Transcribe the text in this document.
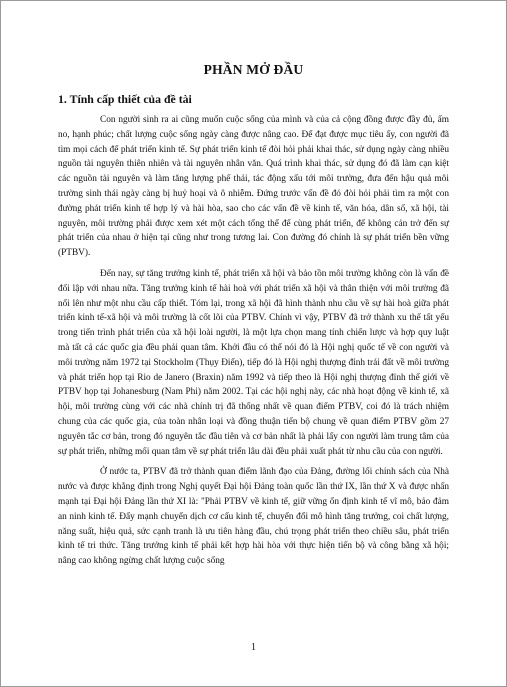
PHẦN MỞ ĐẦU
1. Tính cấp thiết của đề tài

Con người sinh ra ai cũng muốn cuộc sống của mình và của cả cộng đồng được đầy đủ, ấm no, hạnh phúc; chất lượng cuộc sống ngày càng được nâng cao. Để đạt được mục tiêu ấy, con người đã tìm mọi cách để phát triển kinh tế. Sự phát triển kinh tế đòi hỏi phải khai thác, sử dụng ngày càng nhiều nguồn tài nguyên thiên nhiên và tài nguyên nhân văn. Quá trình khai thác, sử dụng đó đã làm cạn kiệt các nguồn tài nguyên và làm tăng lượng phế thải, tác động xấu tới môi trường, đưa đến hậu quả môi trường sinh thái ngày càng bị huỷ hoại và ô nhiễm. Đứng trước vấn đề đó đòi hỏi phải tìm ra một con đường phát triển kinh tế hợp lý và hài hòa, sao cho các vấn đề về kinh tế, văn hóa, dân số, xã hội, tài nguyên, môi trường phải được xem xét một cách tổng thể để cùng phát triển, để không cản trở đến sự phát triển của nhau ở hiện tại cũng như trong tương lai. Con đường đó chính là sự phát triển bền vững (PTBV).

Đến nay, sự tăng trưởng kinh tế, phát triển xã hội và bảo tồn môi trường không còn là vấn đề đối lập với nhau nữa. Tăng trưởng kinh tế hài hoà với phát triển xã hội và thân thiện với môi trường đã nổi lên như một nhu cầu cấp thiết. Tóm lại, trong xã hội đã hình thành nhu cầu về sự hài hoà giữa phát triển kinh tế-xã hội và môi trường là cốt lõi của PTBV. Chính vì vậy, PTBV đã trở thành xu thế tất yếu trong tiến trình phát triển của xã hội loài người, là một lựa chọn mang tính chiến lược và hợp quy luật mà tất cả các quốc gia đều phải quan tâm. Khởi đầu có thể nói đó là Hội nghị quốc tế về con người và môi trường năm 1972 tại Stockholm (Thụy Điển), tiếp đó là Hội nghị thượng đỉnh trái đất về môi trường và phát triển họp tại Rio de Janero (Braxin) năm 1992 và tiếp theo là Hội nghị thượng đỉnh thế giới về PTBV họp tại Johanesburg (Nam Phi) năm 2002. Tại các hội nghị này, các nhà hoạt động về kinh tế, xã hội, môi trường cùng với các nhà chính trị đã thống nhất về quan điểm PTBV, coi đó là trách nhiệm chung của các quốc gia, của toàn nhân loại và đồng thuận tiến bộ chung về quan điểm PTBV gồm 27 nguyên tắc cơ bản, trong đó nguyên tắc đầu tiên và cơ bản nhất là phải lấy con người làm trung tâm của sự phát triển, những mối quan tâm về sự phát triển lâu dài đều phải xuất phát từ nhu cầu của con người.

Ở nước ta, PTBV đã trở thành quan điểm lãnh đạo của Đảng, đường lối chính sách của Nhà nước và được khẳng định trong Nghị quyết Đại hội Đảng toàn quốc lần thứ IX, lần thứ X và được nhấn mạnh tại Đại hội Đảng lần thứ XI là: "Phải PTBV về kinh tế, giữ vững ổn định kinh tế vĩ mô, bảo đảm an ninh kinh tế. Đẩy mạnh chuyển dịch cơ cấu kinh tế, chuyển đổi mô hình tăng trưởng, coi chất lượng, năng suất, hiệu quả, sức cạnh tranh là ưu tiên hàng đầu, chú trọng phát triển theo chiều sâu, phát triển kinh tế tri thức. Tăng trưởng kinh tế phải kết hợp hài hòa với thực hiện tiến bộ và công bằng xã hội; nâng cao không ngừng chất lượng cuộc sống

1
